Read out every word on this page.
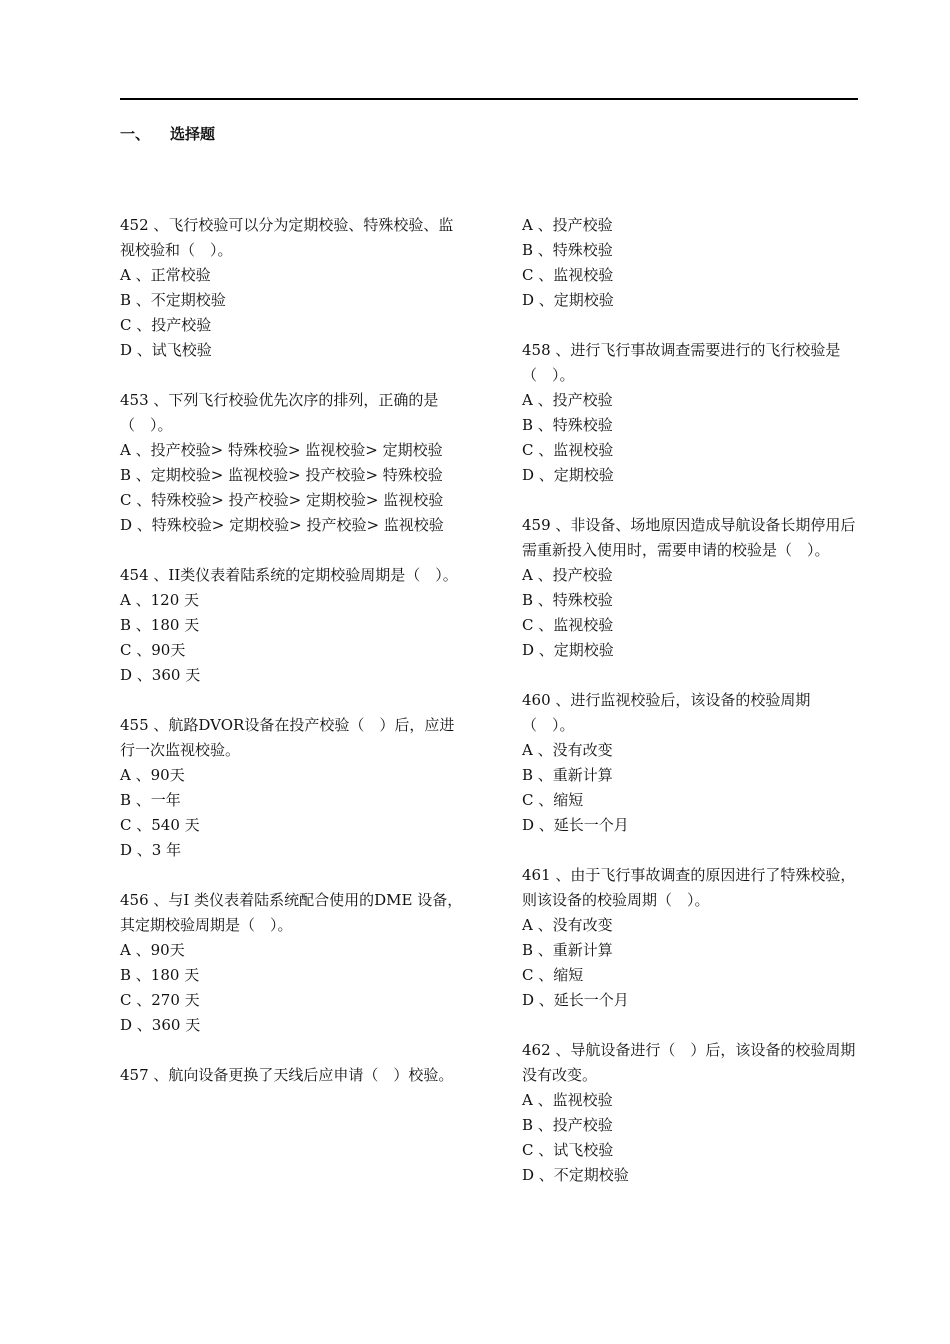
一、 选择题

452 、飞行校验可以分为定期校验、特殊校验、监视校验和（　）。

A 、正常校验

B 、不定期校验

C 、投产校验

D 、试飞校验

453 、下列飞行校验优先次序的排列，正确的是（　）。

A 、投产校验> 特殊校验> 监视校验> 定期校验

B 、定期校验> 监视校验> 投产校验> 特殊校验

C 、特殊校验> 投产校验> 定期校验> 监视校验

D 、特殊校验> 定期校验> 投产校验> 监视校验

454 、II类仪表着陆系统的定期校验周期是（　）。

A 、120 天

B 、180 天

C 、90天

D 、360 天

455 、航路DVOR设备在投产校验（　）后，应进行一次监视校验。

A 、90天

B 、一年

C 、540 天

D 、3 年

456 、与I 类仪表着陆系统配合使用的DME 设备，其定期校验周期是（　）。

A 、90天

B 、180 天

C 、270 天

D 、360 天

457 、航向设备更换了天线后应申请（　）校验。

A 、投产校验

B 、特殊校验

C 、监视校验

D 、定期校验

458 、进行飞行事故调查需要进行的飞行校验是（　）。

A 、投产校验

B 、特殊校验

C 、监视校验

D 、定期校验

459 、非设备、场地原因造成导航设备长期停用后需重新投入使用时，需要申请的校验是（　）。

A 、投产校验

B 、特殊校验

C 、监视校验

D 、定期校验

460 、进行监视校验后，该设备的校验周期（　）。

A 、没有改变

B 、重新计算

C 、缩短

D 、延长一个月

461 、由于飞行事故调查的原因进行了特殊校验，则该设备的校验周期（　）。

A 、没有改变

B 、重新计算

C 、缩短

D 、延长一个月

462 、导航设备进行（　）后，该设备的校验周期没有改变。

A 、监视校验

B 、投产校验

C 、试飞校验

D 、不定期校验
